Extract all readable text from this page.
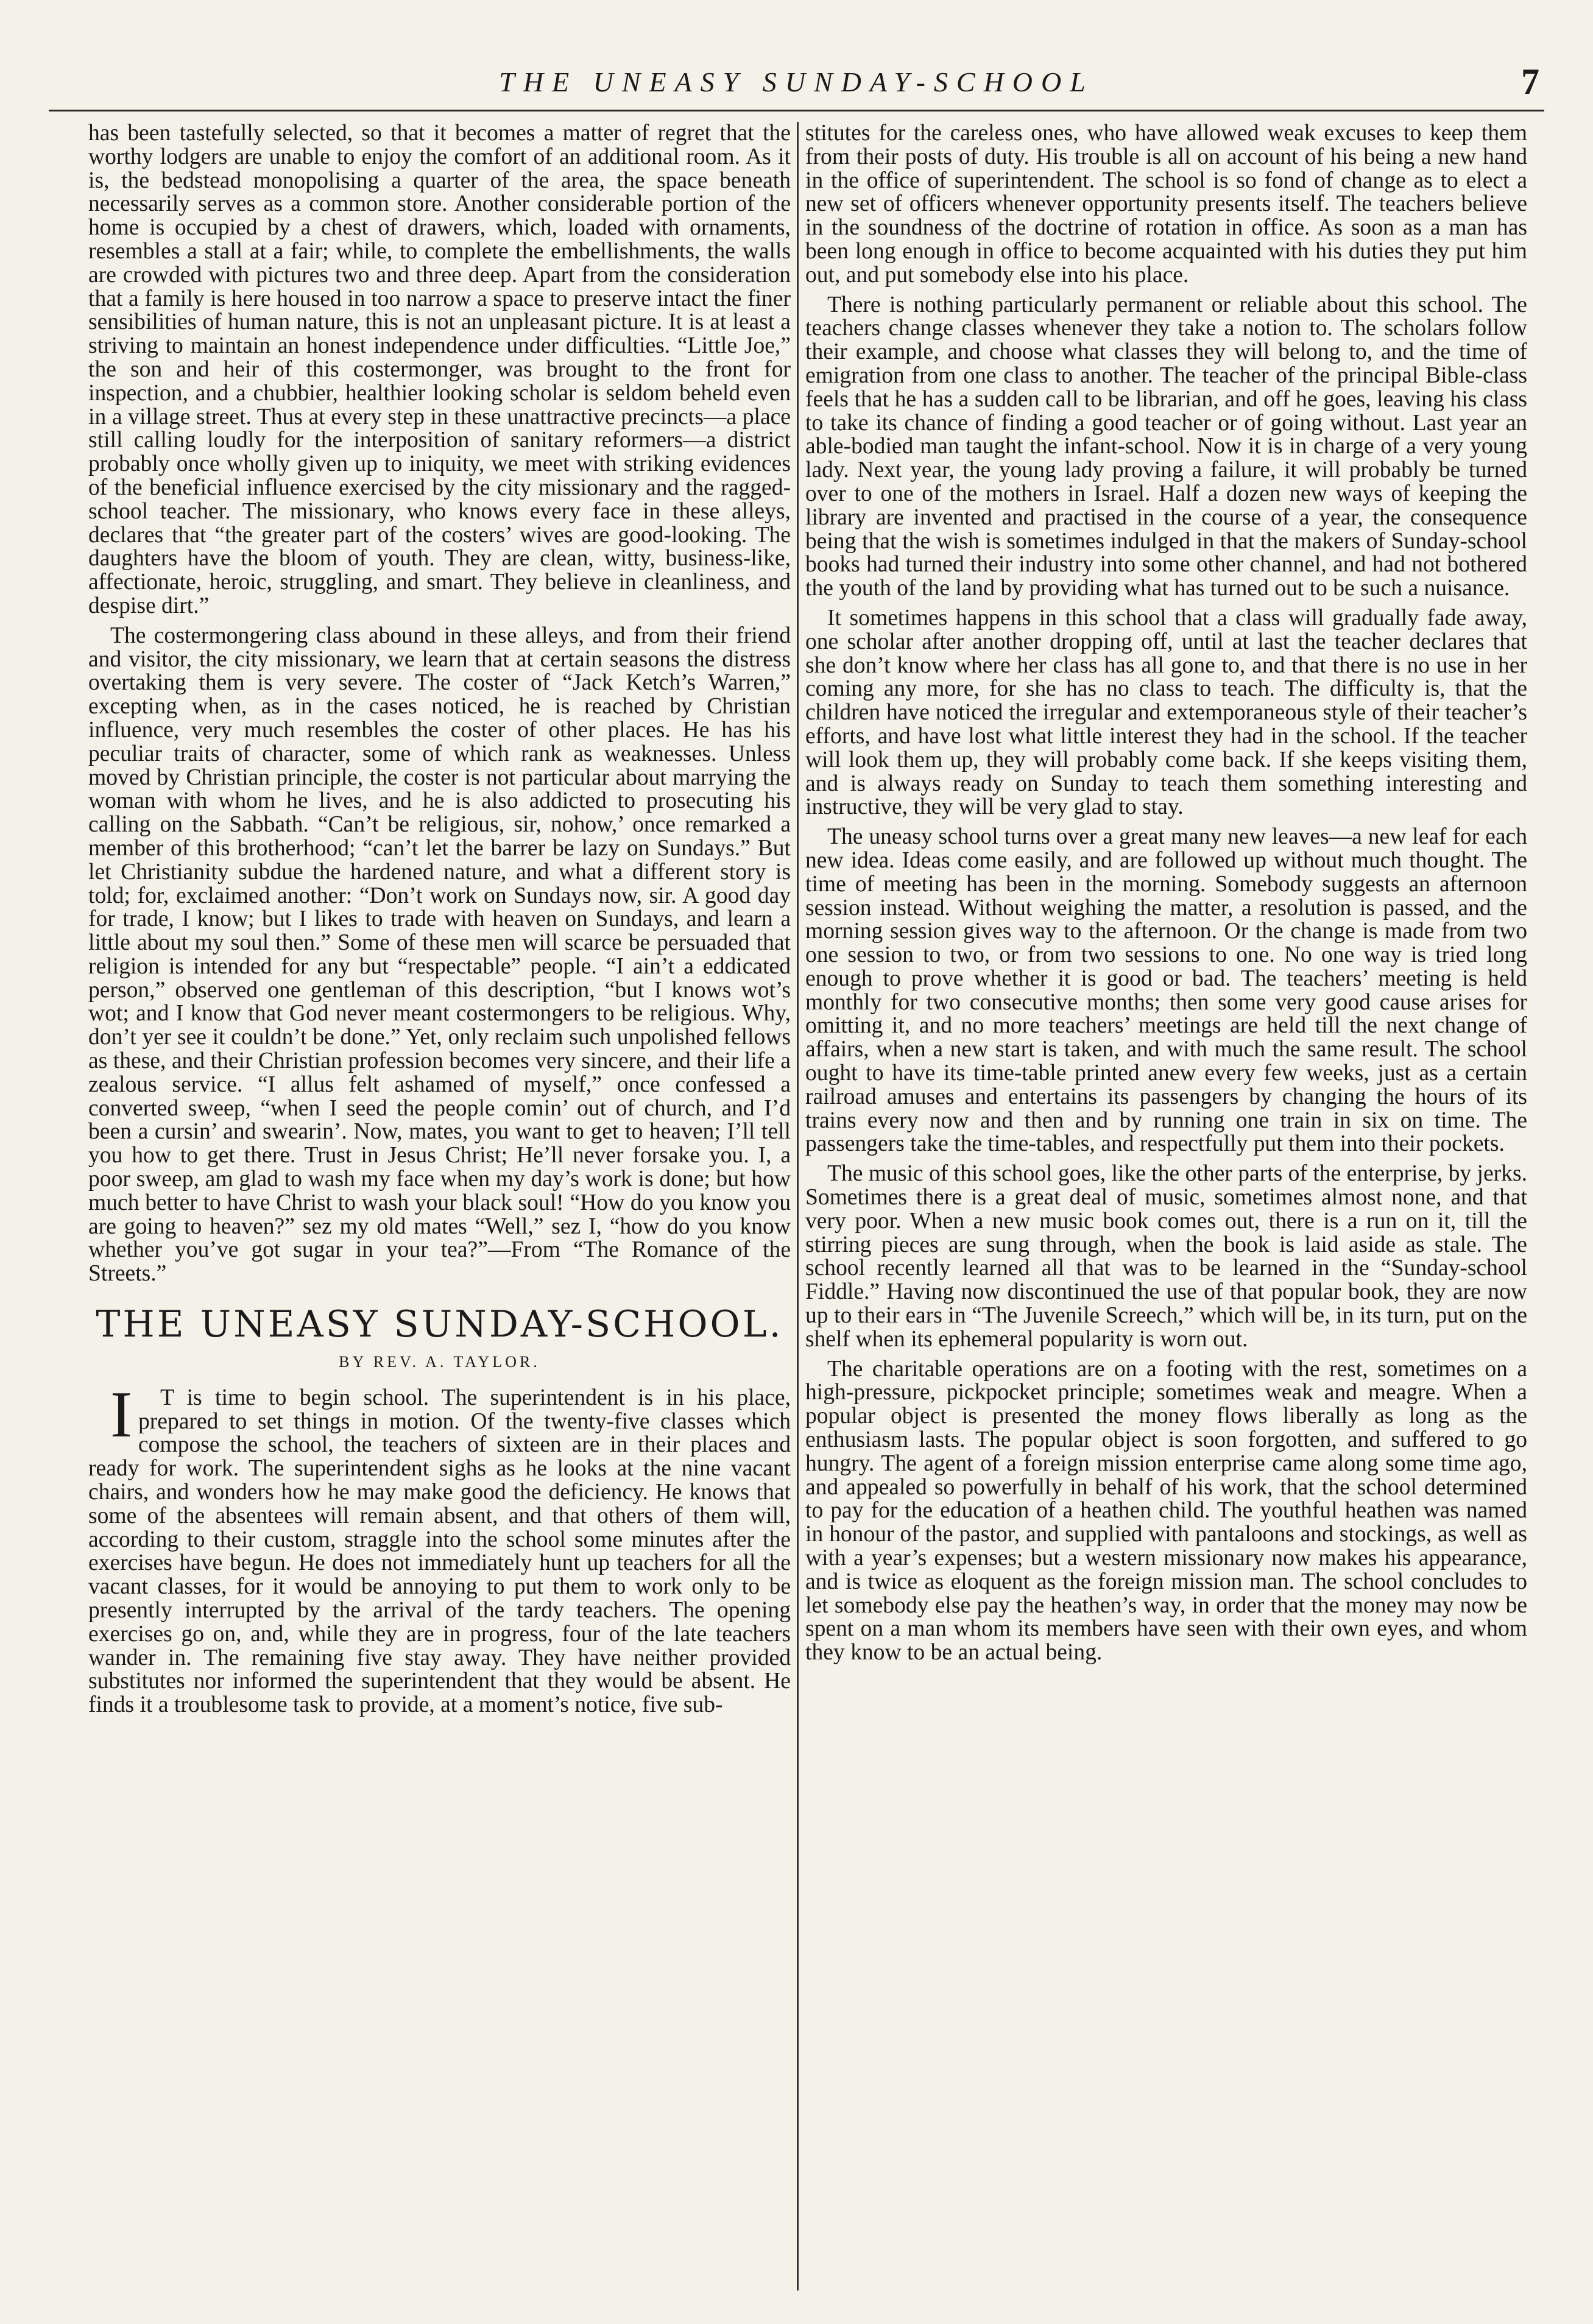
THE UNEASY SUNDAY-SCHOOL	7

has been tastefully selected, so that it becomes a matter of regret that the worthy lodgers are unable to enjoy the comfort of an additional room. As it is, the bedstead monopolising a quarter of the area, the space beneath necessarily serves as a common store. Another considerable portion of the home is occupied by a chest of drawers, which, loaded with ornaments, resembles a stall at a fair; while, to complete the embellishments, the walls are crowded with pictures two and three deep. Apart from the consideration that a family is here housed in too narrow a space to preserve intact the finer sensibilities of human nature, this is not an unpleasant picture. It is at least a striving to maintain an honest independence under difficulties. “Little Joe,” the son and heir of this costermonger, was brought to the front for inspection, and a chubbier, healthier looking scholar is seldom beheld even in a village street. Thus at every step in these unattractive precincts—a place still calling loudly for the interposition of sanitary reformers—a district probably once wholly given up to iniquity, we meet with striking evidences of the beneficial influence exercised by the city missionary and the ragged-school teacher. The missionary, who knows every face in these alleys, declares that “the greater part of the costers’ wives are good-looking. The daughters have the bloom of youth. They are clean, witty, business-like, affectionate, heroic, struggling, and smart. They believe in cleanliness, and despise dirt.”

The costermongering class abound in these alleys, and from their friend and visitor, the city missionary, we learn that at certain seasons the distress overtaking them is very severe. The coster of “Jack Ketch’s Warren,” excepting when, as in the cases noticed, he is reached by Christian influence, very much resembles the coster of other places. He has his peculiar traits of character, some of which rank as weaknesses. Unless moved by Christian principle, the coster is not particular about marrying the woman with whom he lives, and he is also addicted to prosecuting his calling on the Sabbath. “Can’t be religious, sir, nohow,’ once remarked a member of this brotherhood; “can’t let the barrer be lazy on Sundays.” But let Christianity subdue the hardened nature, and what a different story is told; for, exclaimed another: “Don’t work on Sundays now, sir. A good day for trade, I know; but I likes to trade with heaven on Sundays, and learn a little about my soul then.” Some of these men will scarce be persuaded that religion is intended for any but “respectable” people. “I ain’t a eddicated person,” observed one gentleman of this description, “but I knows wot’s wot; and I know that God never meant costermongers to be religious. Why, don’t yer see it couldn’t be done.” Yet, only reclaim such unpolished fellows as these, and their Christian profession becomes very sincere, and their life a zealous service. “I allus felt ashamed of myself,” once confessed a converted sweep, “when I seed the people comin’ out of church, and I’d been a cursin’ and swearin’. Now, mates, you want to get to heaven; I’ll tell you how to get there. Trust in Jesus Christ; He’ll never forsake you. I, a poor sweep, am glad to wash my face when my day’s work is done; but how much better to have Christ to wash your black soul! “How do you know you are going to heaven?” sez my old mates “Well,” sez I, “how do you know whether you’ve got sugar in your tea?”—From “The Romance of the Streets.”

THE UNEASY SUNDAY-SCHOOL.
BY REV. A. TAYLOR.

I T is time to begin school. The superintendent is in his place, prepared to set things in motion. Of the twenty-five classes which compose the school, the teachers of sixteen are in their places and ready for work. The superintendent sighs as he looks at the nine vacant chairs, and wonders how he may make good the deficiency. He knows that some of the absentees will remain absent, and that others of them will, according to their custom, straggle into the school some minutes after the exercises have begun. He does not immediately hunt up teachers for all the vacant classes, for it would be annoying to put them to work only to be presently interrupted by the arrival of the tardy teachers. The opening exercises go on, and, while they are in progress, four of the late teachers wander in. The remaining five stay away. They have neither provided substitutes nor informed the superintendent that they would be absent. He finds it a troublesome task to provide, at a moment’s notice, five sub-

stitutes for the careless ones, who have allowed weak excuses to keep them from their posts of duty. His trouble is all on account of his being a new hand in the office of superintendent. The school is so fond of change as to elect a new set of officers whenever opportunity presents itself. The teachers believe in the soundness of the doctrine of rotation in office. As soon as a man has been long enough in office to become acquainted with his duties they put him out, and put somebody else into his place.

There is nothing particularly permanent or reliable about this school. The teachers change classes whenever they take a notion to. The scholars follow their example, and choose what classes they will belong to, and the time of emigration from one class to another. The teacher of the principal Bible-class feels that he has a sudden call to be librarian, and off he goes, leaving his class to take its chance of finding a good teacher or of going without. Last year an able-bodied man taught the infant-school. Now it is in charge of a very young lady. Next year, the young lady proving a failure, it will probably be turned over to one of the mothers in Israel. Half a dozen new ways of keeping the library are invented and practised in the course of a year, the consequence being that the wish is sometimes indulged in that the makers of Sunday-school books had turned their industry into some other channel, and had not bothered the youth of the land by providing what has turned out to be such a nuisance.

It sometimes happens in this school that a class will gradually fade away, one scholar after another dropping off, until at last the teacher declares that she don’t know where her class has all gone to, and that there is no use in her coming any more, for she has no class to teach. The difficulty is, that the children have noticed the irregular and extemporaneous style of their teacher’s efforts, and have lost what little interest they had in the school. If the teacher will look them up, they will probably come back. If she keeps visiting them, and is always ready on Sunday to teach them something interesting and instructive, they will be very glad to stay.

The uneasy school turns over a great many new leaves—a new leaf for each new idea. Ideas come easily, and are followed up without much thought. The time of meeting has been in the morning. Somebody suggests an afternoon session instead. Without weighing the matter, a resolution is passed, and the morning session gives way to the afternoon. Or the change is made from two one session to two, or from two sessions to one. No one way is tried long enough to prove whether it is good or bad. The teachers’ meeting is held monthly for two consecutive months; then some very good cause arises for omitting it, and no more teachers’ meetings are held till the next change of affairs, when a new start is taken, and with much the same result. The school ought to have its time-table printed anew every few weeks, just as a certain railroad amuses and entertains its passengers by changing the hours of its trains every now and then and by running one train in six on time. The passengers take the time-tables, and respectfully put them into their pockets.

The music of this school goes, like the other parts of the enterprise, by jerks. Sometimes there is a great deal of music, sometimes almost none, and that very poor. When a new music book comes out, there is a run on it, till the stirring pieces are sung through, when the book is laid aside as stale. The school recently learned all that was to be learned in the “Sunday-school Fiddle.” Having now discontinued the use of that popular book, they are now up to their ears in “The Juvenile Screech,” which will be, in its turn, put on the shelf when its ephemeral popularity is worn out.

The charitable operations are on a footing with the rest, sometimes on a high-pressure, pickpocket principle; sometimes weak and meagre. When a popular object is presented the money flows liberally as long as the enthusiasm lasts. The popular object is soon forgotten, and suffered to go hungry. The agent of a foreign mission enterprise came along some time ago, and appealed so powerfully in behalf of his work, that the school determined to pay for the education of a heathen child. The youthful heathen was named in honour of the pastor, and supplied with pantaloons and stockings, as well as with a year’s expenses; but a western missionary now makes his appearance, and is twice as eloquent as the foreign mission man. The school concludes to let somebody else pay the heathen’s way, in order that the money may now be spent on a man whom its members have seen with their own eyes, and whom they know to be an actual being.
